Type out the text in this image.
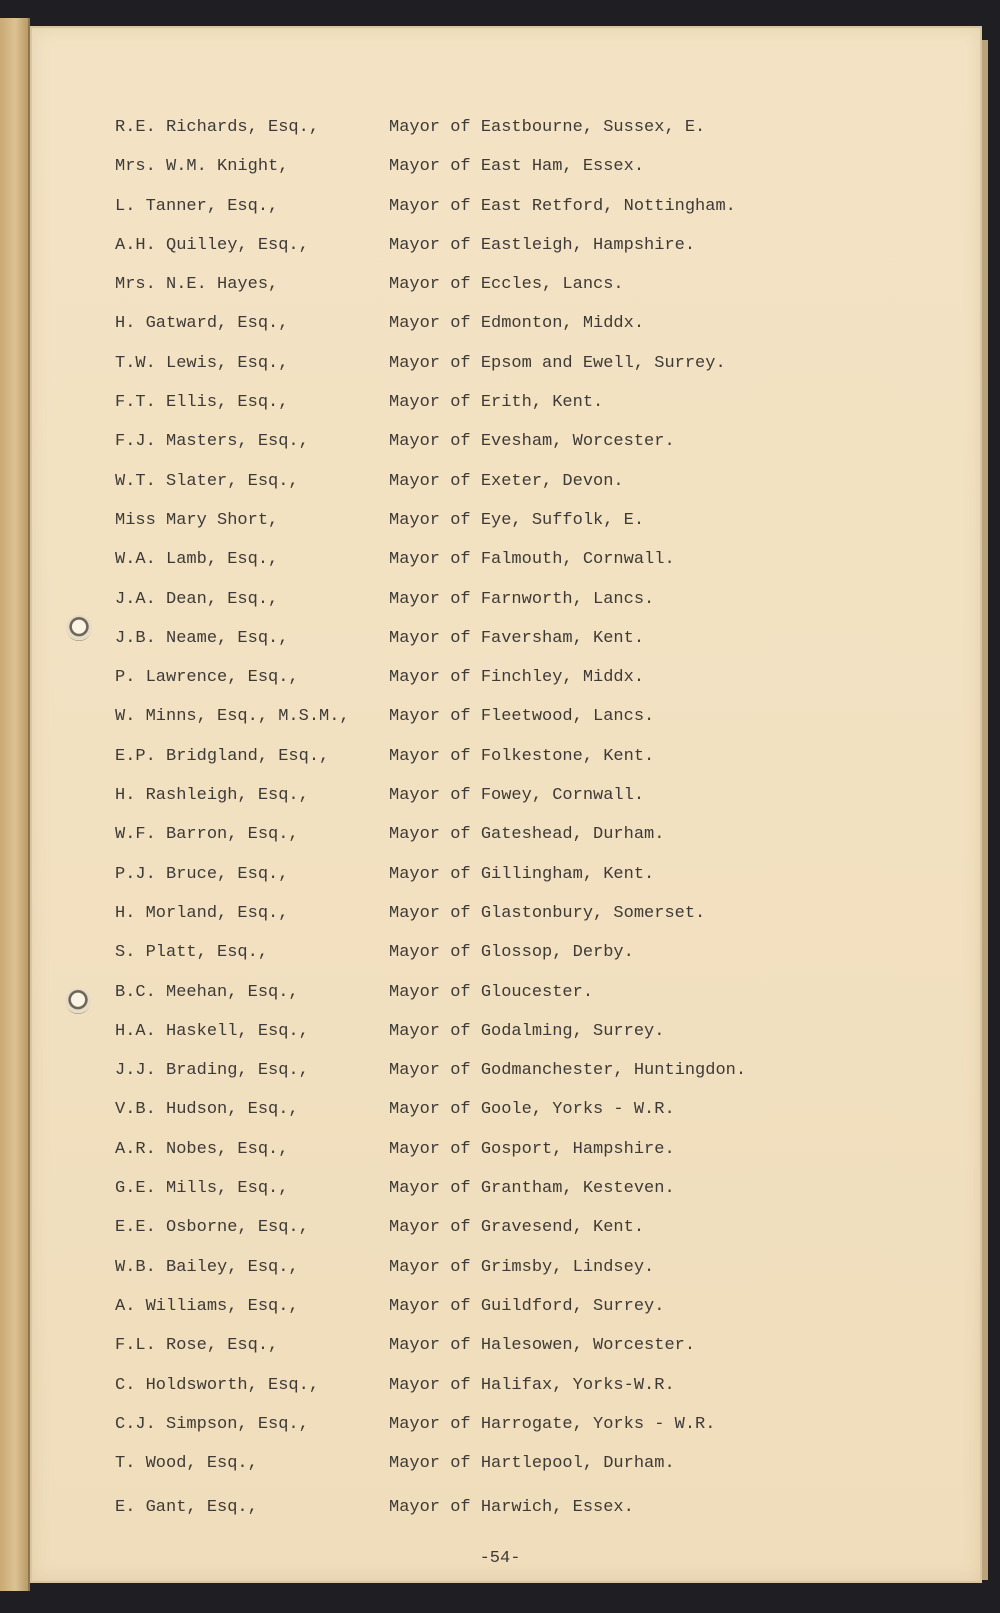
R.E. Richards, Esq.,	Mayor of Eastbourne, Sussex, E.
Mrs. W.M. Knight,	Mayor of East Ham, Essex.
L. Tanner, Esq.,	Mayor of East Retford, Nottingham.
A.H. Quilley, Esq.,	Mayor of Eastleigh, Hampshire.
Mrs. N.E. Hayes,	Mayor of Eccles, Lancs.
H. Gatward, Esq.,	Mayor of Edmonton, Middx.
T.W. Lewis, Esq.,	Mayor of Epsom and Ewell, Surrey.
F.T. Ellis, Esq.,	Mayor of Erith, Kent.
F.J. Masters, Esq.,	Mayor of Evesham, Worcester.
W.T. Slater, Esq.,	Mayor of Exeter, Devon.
Miss Mary Short,	Mayor of Eye, Suffolk, E.
W.A. Lamb, Esq.,	Mayor of Falmouth, Cornwall.
J.A. Dean, Esq.,	Mayor of Farnworth, Lancs.
J.B. Neame, Esq.,	Mayor of Faversham, Kent.
P. Lawrence, Esq.,	Mayor of Finchley, Middx.
W. Minns, Esq., M.S.M., Mayor of Fleetwood, Lancs.
E.P. Bridgland, Esq.,	Mayor of Folkestone, Kent.
H. Rashleigh, Esq.,	Mayor of Fowey, Cornwall.
W.F. Barron, Esq.,	Mayor of Gateshead, Durham.
P.J. Bruce, Esq.,	Mayor of Gillingham, Kent.
H. Morland, Esq.,	Mayor of Glastonbury, Somerset.
S. Platt, Esq.,	Mayor of Glossop, Derby.
B.C. Meehan, Esq.,	Mayor of Gloucester.
H.A. Haskell, Esq.,	Mayor of Godalming, Surrey.
J.J. Brading, Esq.,	Mayor of Godmanchester, Huntingdon.
V.B. Hudson, Esq.,	Mayor of Goole, Yorks - W.R.
A.R. Nobes, Esq.,	Mayor of Gosport, Hampshire.
G.E. Mills, Esq.,	Mayor of Grantham, Kesteven.
E.E. Osborne, Esq.,	Mayor of Gravesend, Kent.
W.B. Bailey, Esq.,	Mayor of Grimsby, Lindsey.
A. Williams, Esq.,	Mayor of Guildford, Surrey.
F.L. Rose, Esq.,	Mayor of Halesowen, Worcester.
C. Holdsworth, Esq.,	Mayor of Halifax, Yorks-W.R.
C.J. Simpson, Esq.,	Mayor of Harrogate, Yorks - W.R.
T. Wood, Esq.,	Mayor of Hartlepool, Durham.
E. Gant, Esq.,	Mayor of Harwich, Essex.
-54-
